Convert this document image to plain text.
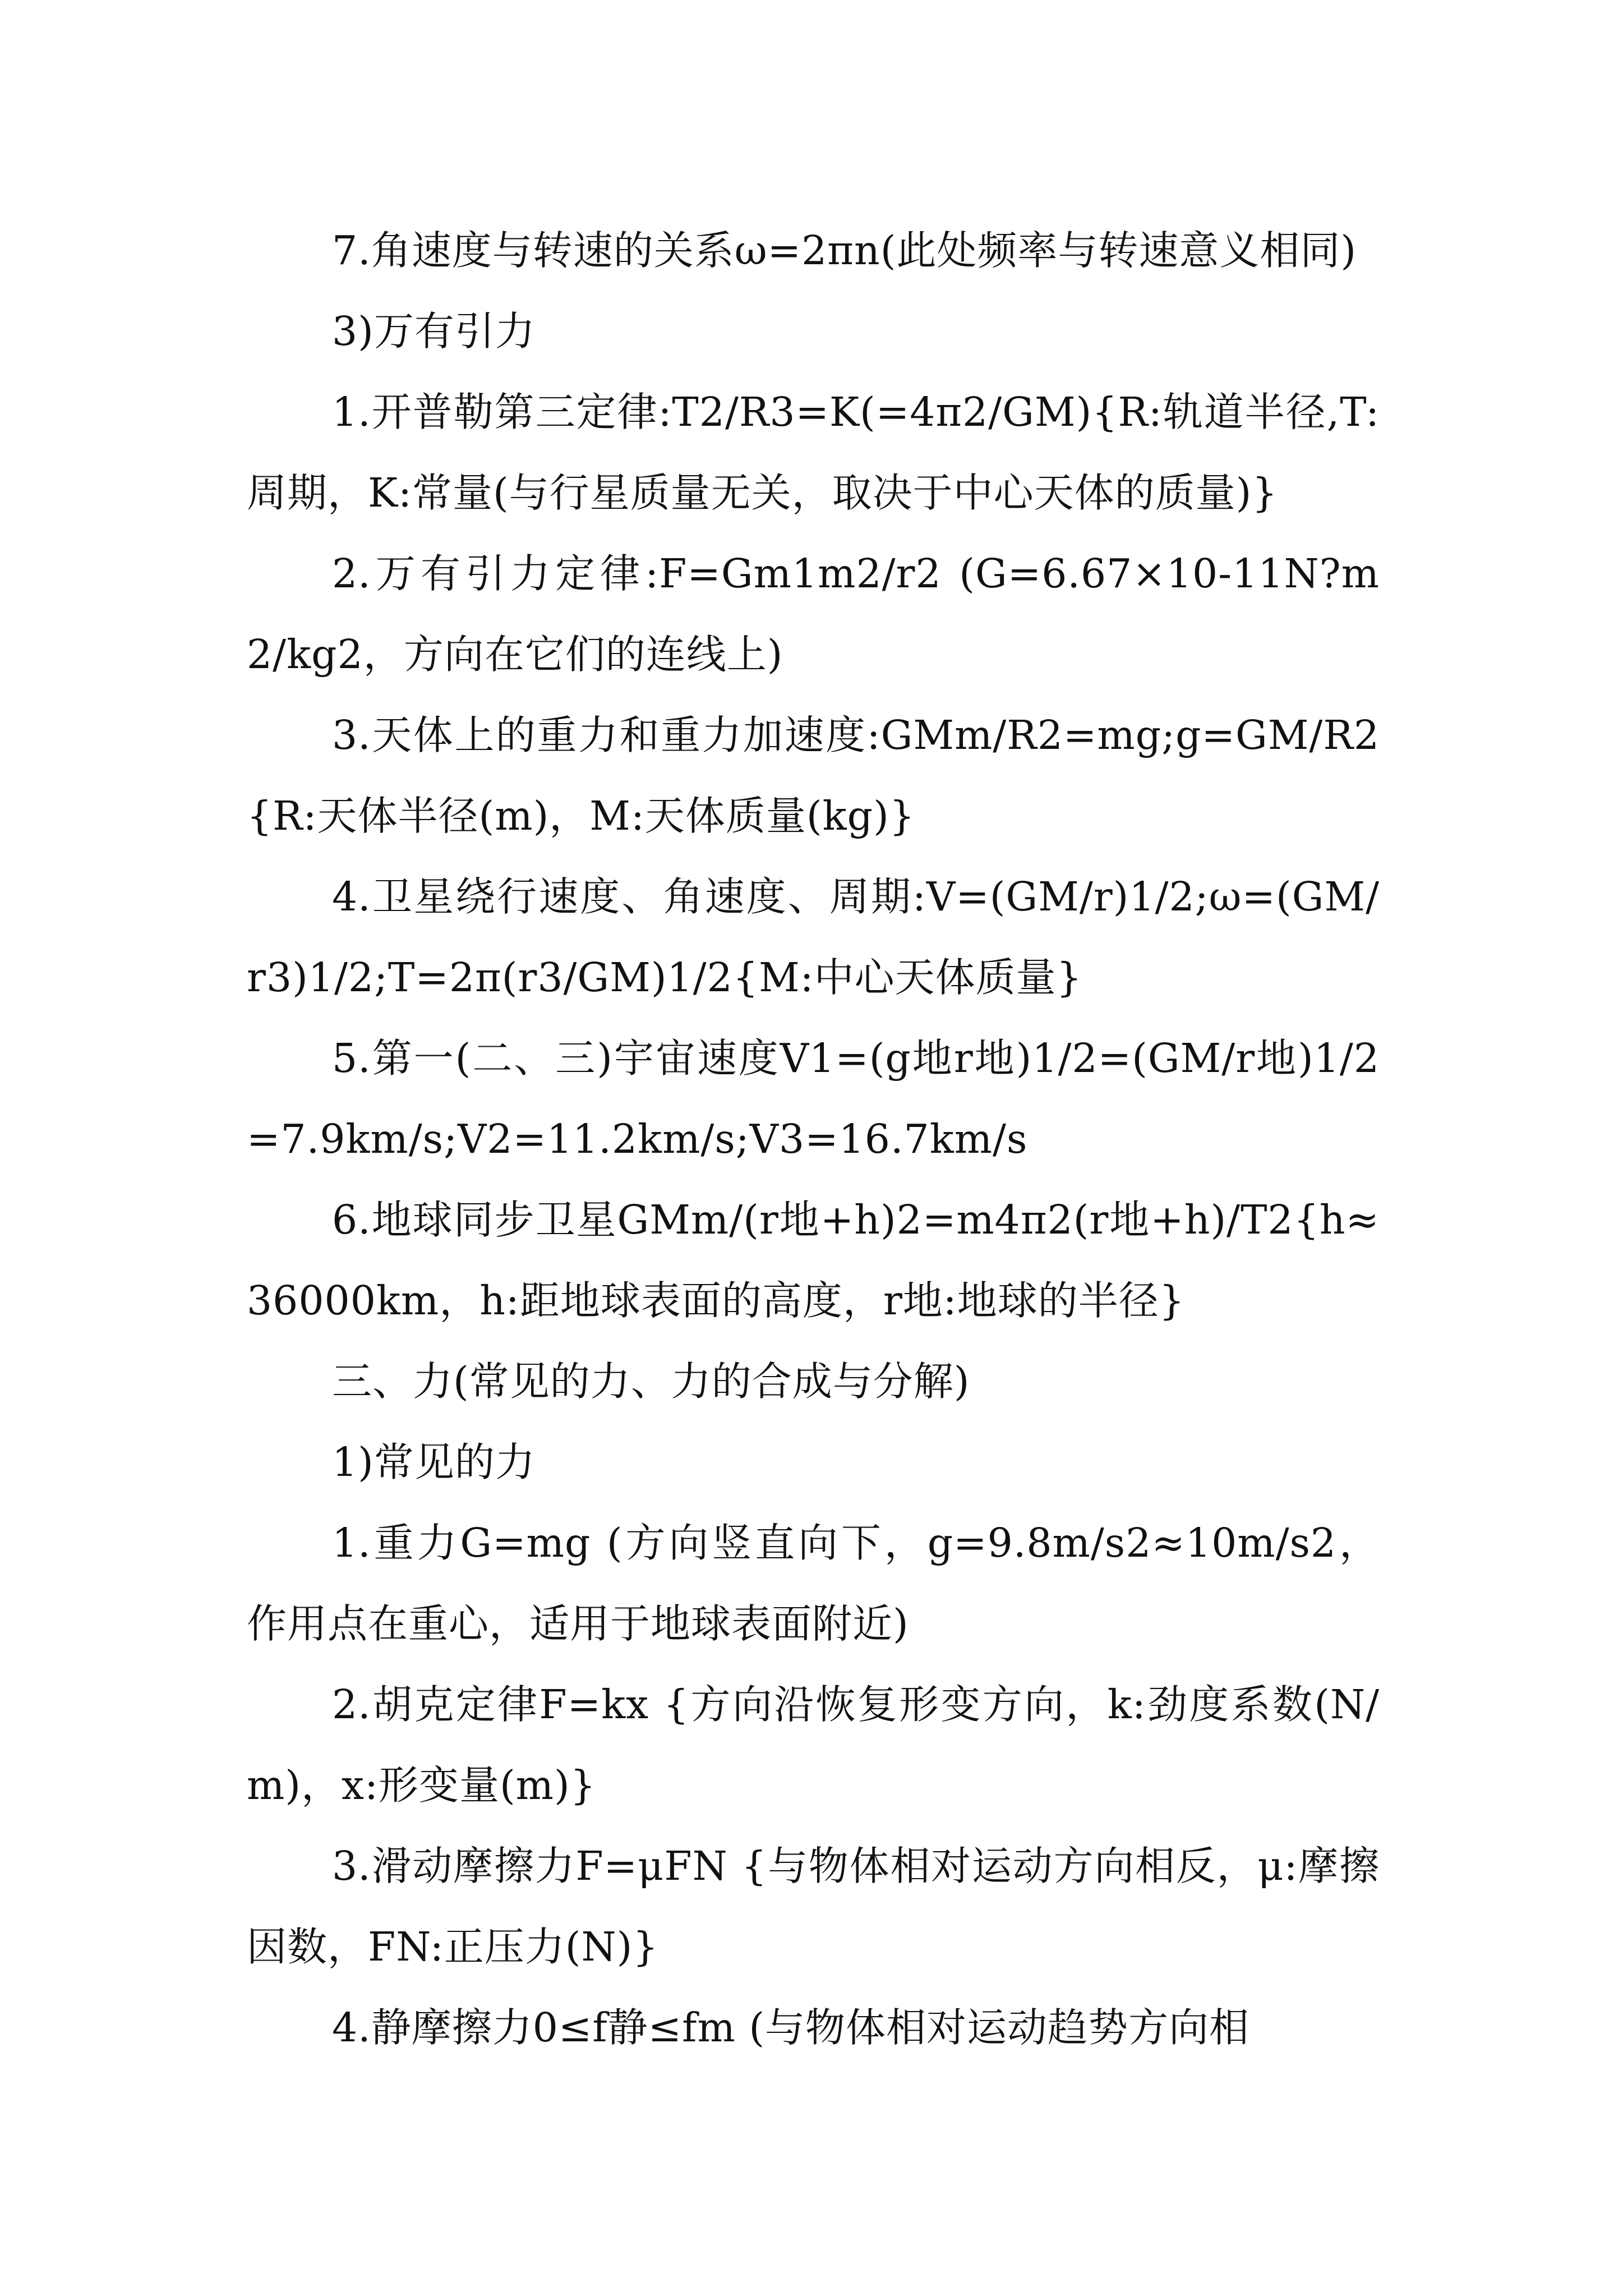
7.角速度与转速的关系ω=2πn(此处频率与转速意义相同)

3)万有引力

1.开普勒第三定律:T2/R3=K(=4π2/GM){R:轨道半径,T:周期，K:常量(与行星质量无关，取决于中心天体的质量)}

2.万有引力定律:F=Gm1m2/r2 (G=6.67×10-11N?m2/kg2，方向在它们的连线上)

3.天体上的重力和重力加速度:GMm/R2=mg;g=GM/R2 {R:天体半径(m)，M:天体质量(kg)}

4.卫星绕行速度、角速度、周期:V=(GM/r)1/2;ω=(GM/r3)1/2;T=2π(r3/GM)1/2{M:中心天体质量}

5.第一(二、三)宇宙速度V1=(g地r地)1/2=(GM/r地)1/2=7.9km/s;V2=11.2km/s;V3=16.7km/s

6.地球同步卫星GMm/(r地+h)2=m4π2(r地+h)/T2{h≈36000km，h:距地球表面的高度，r地:地球的半径}

三、力(常见的力、力的合成与分解)

1)常见的力

1.重力G=mg (方向竖直向下，g=9.8m/s2≈10m/s2，作用点在重心，适用于地球表面附近)

2.胡克定律F=kx {方向沿恢复形变方向，k:劲度系数(N/m)，x:形变量(m)}

3.滑动摩擦力F=μFN {与物体相对运动方向相反，μ:摩擦因数，FN:正压力(N)}

4.静摩擦力0≤f静≤fm (与物体相对运动趋势方向相
